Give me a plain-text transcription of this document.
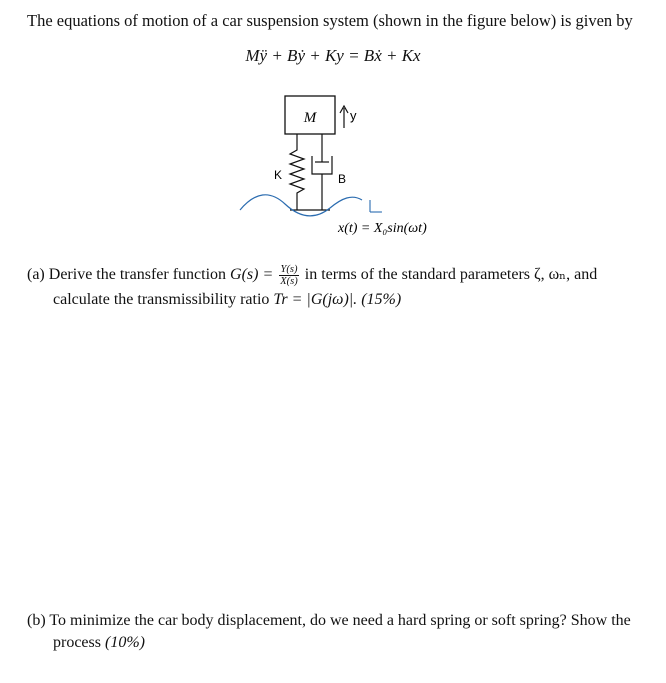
The equations of motion of a car suspension system (shown in the figure below) is given by
Mÿ + Bẏ + Ky = Bẋ + Kx
M	y
K	B
x(t) = X₀sin(ωt)
(a) Derive the transfer function $G(s) = \frac{Y(s)}{X(s)}$ in terms of the standard parameters ζ, ωₙ, and
calculate the transmissibility ratio Tr = |G(jω)|. (15%)
(b) To minimize the car body displacement, do we need a hard spring or soft spring? Show the
process (10%)
